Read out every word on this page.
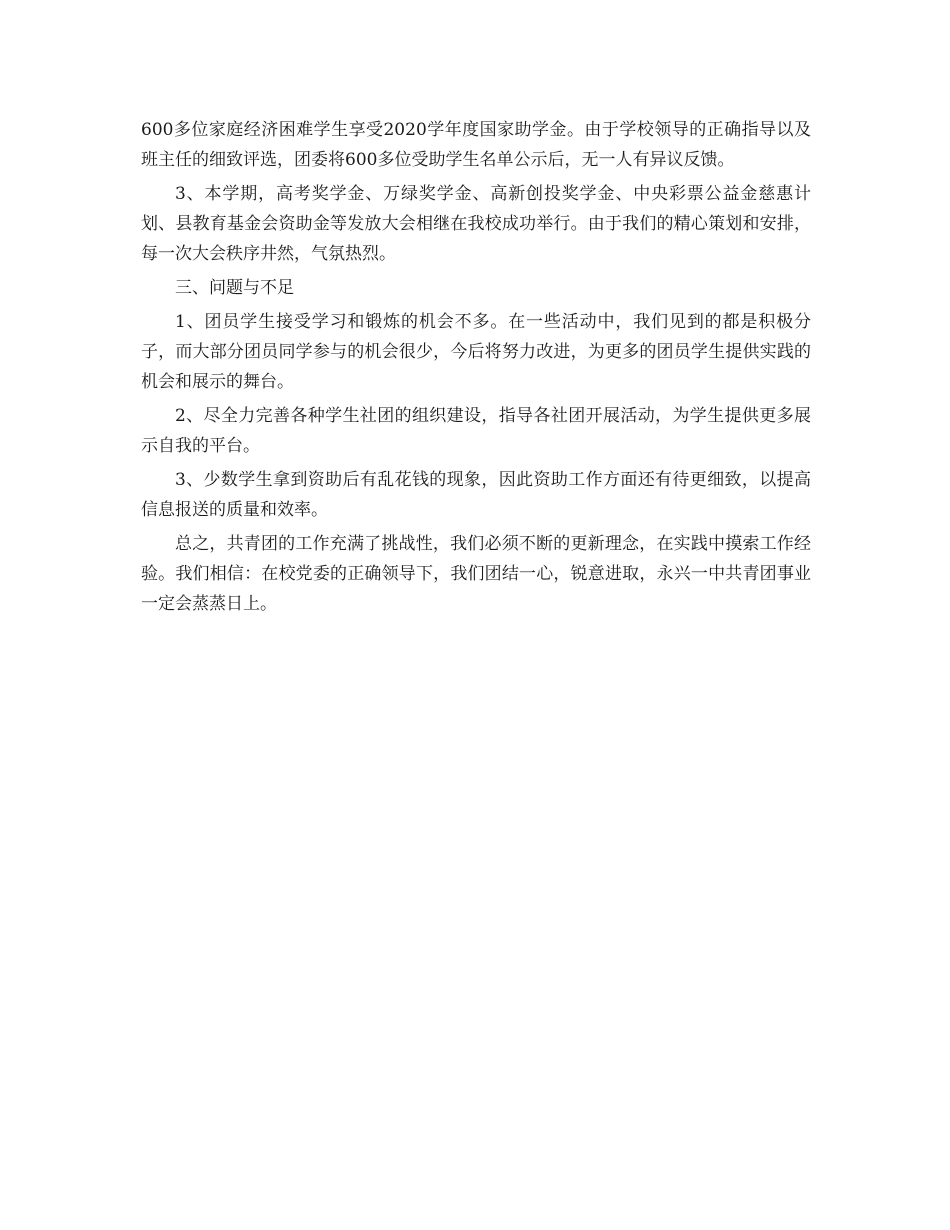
600多位家庭经济困难学生享受2020学年度国家助学金。由于学校领导的正确指导以及班主任的细致评选，团委将600多位受助学生名单公示后，无一人有异议反馈。

3、本学期，高考奖学金、万绿奖学金、高新创投奖学金、中央彩票公益金慈惠计划、县教育基金会资助金等发放大会相继在我校成功举行。由于我们的精心策划和安排，每一次大会秩序井然，气氛热烈。

三、问题与不足

1、团员学生接受学习和锻炼的机会不多。在一些活动中，我们见到的都是积极分子，而大部分团员同学参与的机会很少，今后将努力改进，为更多的团员学生提供实践的机会和展示的舞台。

2、尽全力完善各种学生社团的组织建设，指导各社团开展活动，为学生提供更多展示自我的平台。

3、少数学生拿到资助后有乱花钱的现象，因此资助工作方面还有待更细致，以提高信息报送的质量和效率。

总之，共青团的工作充满了挑战性，我们必须不断的更新理念，在实践中摸索工作经验。我们相信：在校党委的正确领导下，我们团结一心，锐意进取，永兴一中共青团事业一定会蒸蒸日上。
